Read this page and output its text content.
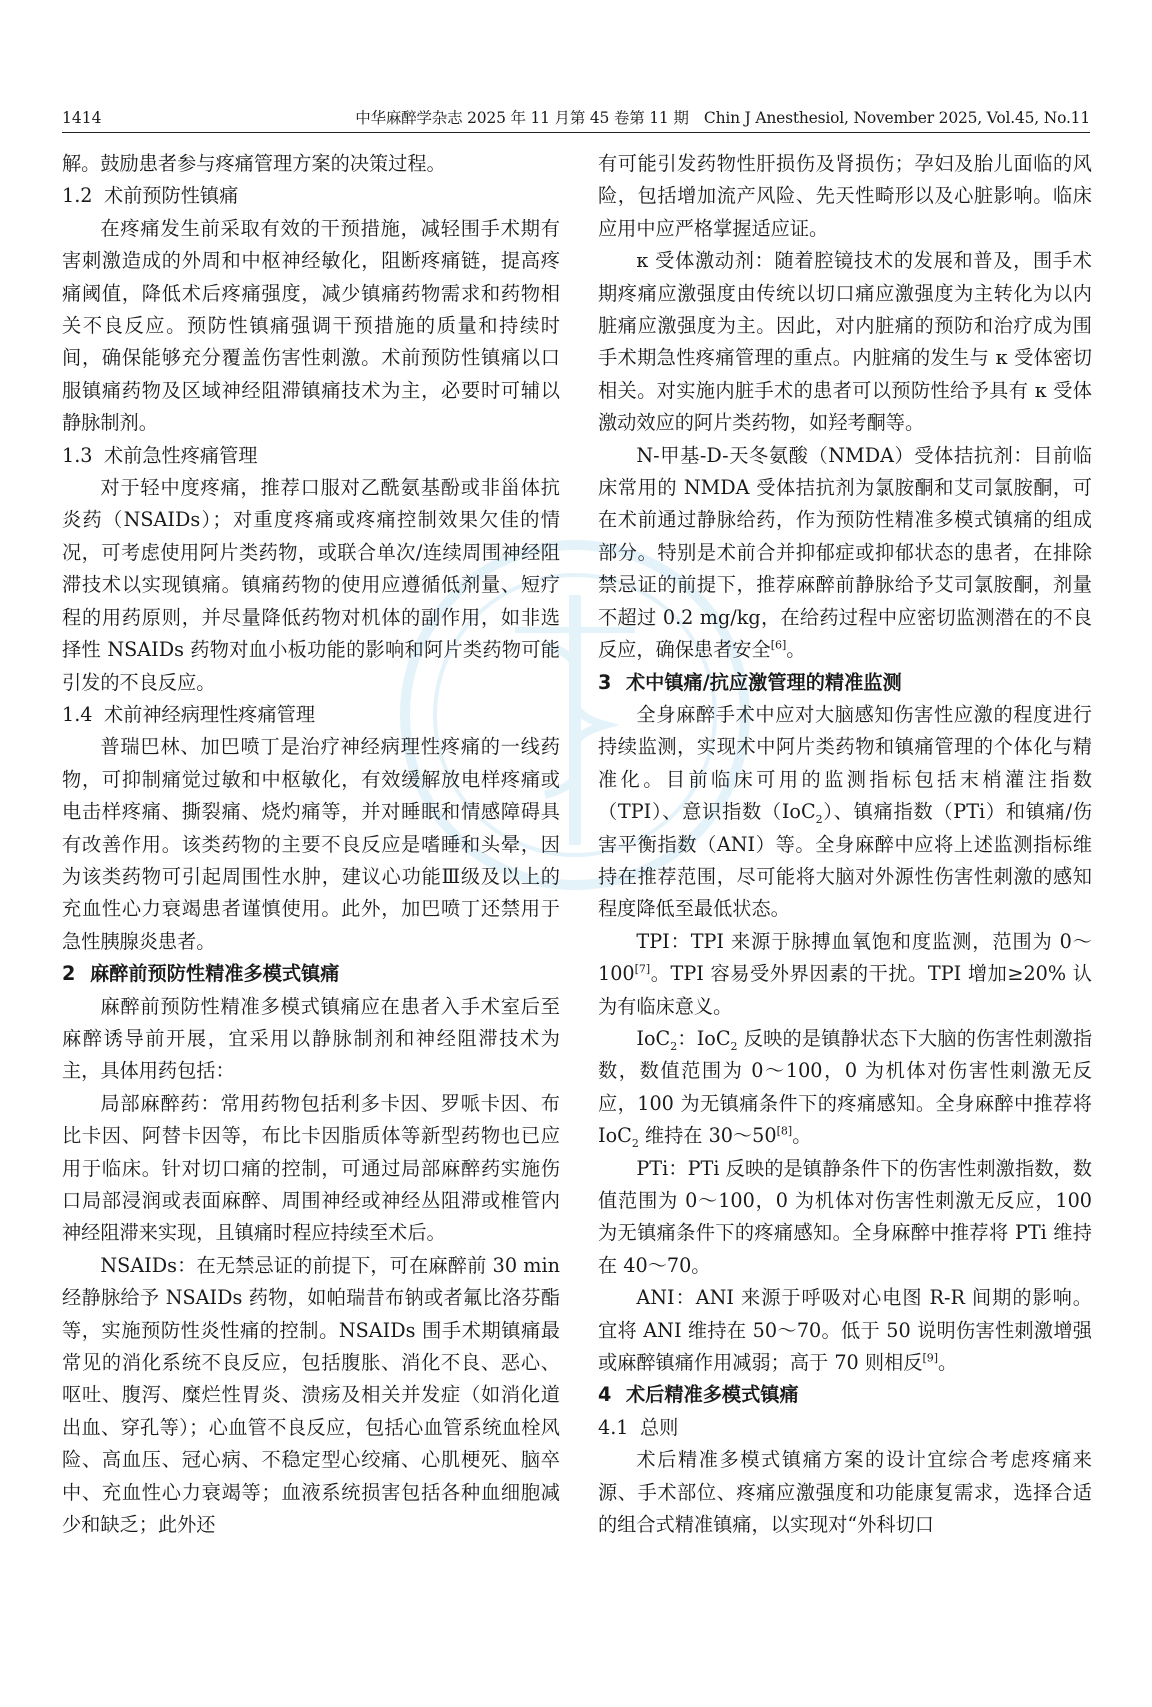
1414	中华麻醉学杂志 2025 年 11 月第 45 卷第 11 期　Chin J Anesthesiol, November 2025, Vol.45, No.11

解。鼓励患者参与疼痛管理方案的决策过程。

1.2 术前预防性镇痛

在疼痛发生前采取有效的干预措施，减轻围手术期有害刺激造成的外周和中枢神经敏化，阻断疼痛链，提高疼痛阈值，降低术后疼痛强度，减少镇痛药物需求和药物相关不良反应。预防性镇痛强调干预措施的质量和持续时间，确保能够充分覆盖伤害性刺激。术前预防性镇痛以口服镇痛药物及区域神经阻滞镇痛技术为主，必要时可辅以静脉制剂。

1.3 术前急性疼痛管理

对于轻中度疼痛，推荐口服对乙酰氨基酚或非甾体抗炎药（NSAIDs）；对重度疼痛或疼痛控制效果欠佳的情况，可考虑使用阿片类药物，或联合单次/连续周围神经阻滞技术以实现镇痛。镇痛药物的使用应遵循低剂量、短疗程的用药原则，并尽量降低药物对机体的副作用，如非选择性 NSAIDs 药物对血小板功能的影响和阿片类药物可能引发的不良反应。

1.4 术前神经病理性疼痛管理

普瑞巴林、加巴喷丁是治疗神经病理性疼痛的一线药物，可抑制痛觉过敏和中枢敏化，有效缓解放电样疼痛或电击样疼痛、撕裂痛、烧灼痛等，并对睡眠和情感障碍具有改善作用。该类药物的主要不良反应是嗜睡和头晕，因为该类药物可引起周围性水肿，建议心功能Ⅲ级及以上的充血性心力衰竭患者谨慎使用。此外，加巴喷丁还禁用于急性胰腺炎患者。

2 麻醉前预防性精准多模式镇痛

麻醉前预防性精准多模式镇痛应在患者入手术室后至麻醉诱导前开展，宜采用以静脉制剂和神经阻滞技术为主，具体用药包括：

局部麻醉药：常用药物包括利多卡因、罗哌卡因、布比卡因、阿替卡因等，布比卡因脂质体等新型药物也已应用于临床。针对切口痛的控制，可通过局部麻醉药实施伤口局部浸润或表面麻醉、周围神经或神经丛阻滞或椎管内神经阻滞来实现，且镇痛时程应持续至术后。

NSAIDs：在无禁忌证的前提下，可在麻醉前 30 min 经静脉给予 NSAIDs 药物，如帕瑞昔布钠或者氟比洛芬酯等，实施预防性炎性痛的控制。NSAIDs 围手术期镇痛最常见的消化系统不良反应，包括腹胀、消化不良、恶心、呕吐、腹泻、糜烂性胃炎、溃疡及相关并发症（如消化道出血、穿孔等）；心血管不良反应，包括心血管系统血栓风险、高血压、冠心病、不稳定型心绞痛、心肌梗死、脑卒中、充血性心力衰竭等；血液系统损害包括各种血细胞减少和缺乏；此外还

有可能引发药物性肝损伤及肾损伤；孕妇及胎儿面临的风险，包括增加流产风险、先天性畸形以及心脏影响。临床应用中应严格掌握适应证。

κ 受体激动剂：随着腔镜技术的发展和普及，围手术期疼痛应激强度由传统以切口痛应激强度为主转化为以内脏痛应激强度为主。因此，对内脏痛的预防和治疗成为围手术期急性疼痛管理的重点。内脏痛的发生与 κ 受体密切相关。对实施内脏手术的患者可以预防性给予具有 κ 受体激动效应的阿片类药物，如羟考酮等。

N-甲基-D-天冬氨酸（NMDA）受体拮抗剂：目前临床常用的 NMDA 受体拮抗剂为氯胺酮和艾司氯胺酮，可在术前通过静脉给药，作为预防性精准多模式镇痛的组成部分。特别是术前合并抑郁症或抑郁状态的患者，在排除禁忌证的前提下，推荐麻醉前静脉给予艾司氯胺酮，剂量不超过 0.2 mg/kg，在给药过程中应密切监测潜在的不良反应，确保患者安全[6]。

3 术中镇痛/抗应激管理的精准监测

全身麻醉手术中应对大脑感知伤害性应激的程度进行持续监测，实现术中阿片类药物和镇痛管理的个体化与精准化。目前临床可用的监测指标包括末梢灌注指数（TPI）、意识指数（IoC$_2$）、镇痛指数（PTi）和镇痛/伤害平衡指数（ANI）等。全身麻醉中应将上述监测指标维持在推荐范围，尽可能将大脑对外源性伤害性刺激的感知程度降低至最低状态。

TPI：TPI 来源于脉搏血氧饱和度监测，范围为 0～100[7]。TPI 容易受外界因素的干扰。TPI 增加≥20% 认为有临床意义。

IoC$_2$：IoC$_2$ 反映的是镇静状态下大脑的伤害性刺激指数，数值范围为 0～100，0 为机体对伤害性刺激无反应，100 为无镇痛条件下的疼痛感知。全身麻醉中推荐将 IoC$_2$ 维持在 30～50[8]。

PTi：PTi 反映的是镇静条件下的伤害性刺激指数，数值范围为 0～100，0 为机体对伤害性刺激无反应，100 为无镇痛条件下的疼痛感知。全身麻醉中推荐将 PTi 维持在 40～70。

ANI：ANI 来源于呼吸对心电图 R-R 间期的影响。宜将 ANI 维持在 50～70。低于 50 说明伤害性刺激增强或麻醉镇痛作用减弱；高于 70 则相反[9]。

4 术后精准多模式镇痛
4.1 总则

术后精准多模式镇痛方案的设计宜综合考虑疼痛来源、手术部位、疼痛应激强度和功能康复需求，选择合适的组合式精准镇痛，以实现对“外科切口
